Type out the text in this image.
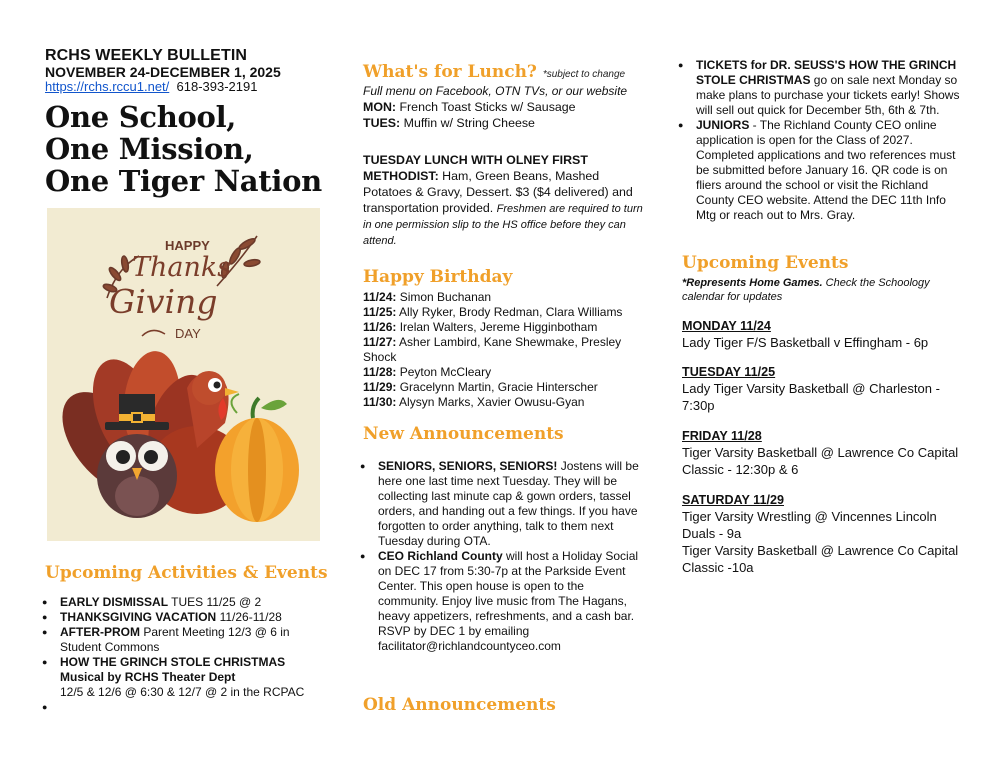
RCHS WEEKLY BULLETIN
NOVEMBER 24-DECEMBER 1, 2025
https://rchs.rccu1.net/ 618-393-2191
One School,
One Mission,
One Tiger Nation
HAPPY
Thanks
Giving
DAY
Upcoming Activities & Events
● EARLY DISMISSAL TUES 11/25 @ 2
● THANKSGIVING VACATION 11/26-11/28
● AFTER-PROM Parent Meeting 12/3 @ 6 in Student Commons
● HOW THE GRINCH STOLE CHRISTMAS Musical by RCHS Theater Dept
12/5 & 12/6 @ 6:30 & 12/7 @ 2 in the RCPAC
●
What's for Lunch? *subject to change
Full menu on Facebook, OTN TVs, or our website
MON: French Toast Sticks w/ Sausage
TUES: Muffin w/ String Cheese
TUESDAY LUNCH WITH OLNEY FIRST METHODIST: Ham, Green Beans, Mashed Potatoes & Gravy, Dessert. $3 ($4 delivered) and transportation provided. Freshmen are required to turn in one permission slip to the HS office before they can attend.
Happy Birthday
11/24: Simon Buchanan
11/25: Ally Ryker, Brody Redman, Clara Williams
11/26: Irelan Walters, Jereme Higginbotham
11/27: Asher Lambird, Kane Shewmake, Presley Shock
11/28: Peyton McCleary
11/29: Gracelynn Martin, Gracie Hinterscher
11/30: Alysyn Marks, Xavier Owusu-Gyan
New Announcements
● SENIORS, SENIORS, SENIORS! Jostens will be here one last time next Tuesday. They will be collecting last minute cap & gown orders, tassel orders, and handing out a few things. If you have forgotten to order anything, talk to them next Tuesday during OTA.
● CEO Richland County will host a Holiday Social on DEC 17 from 5:30-7p at the Parkside Event Center. This open house is open to the community. Enjoy live music from The Hagans, heavy appetizers, refreshments, and a cash bar. RSVP by DEC 1 by emailing facilitator@richlandcountyceo.com
Old Announcements
● TICKETS for DR. SEUSS'S HOW THE GRINCH STOLE CHRISTMAS go on sale next Monday so make plans to purchase your tickets early! Shows will sell out quick for December 5th, 6th & 7th.
● JUNIORS - The Richland County CEO online application is open for the Class of 2027. Completed applications and two references must be submitted before January 16. QR code is on fliers around the school or visit the Richland County CEO website. Attend the DEC 11th Info Mtg or reach out to Mrs. Gray.
Upcoming Events
*Represents Home Games. Check the Schoology calendar for updates
MONDAY 11/24
Lady Tiger F/S Basketball v Effingham - 6p
TUESDAY 11/25
Lady Tiger Varsity Basketball @ Charleston - 7:30p
FRIDAY 11/28
Tiger Varsity Basketball @ Lawrence Co Capital Classic - 12:30p & 6
SATURDAY 11/29
Tiger Varsity Wrestling @ Vincennes Lincoln Duals - 9a
Tiger Varsity Basketball @ Lawrence Co Capital Classic -10a
